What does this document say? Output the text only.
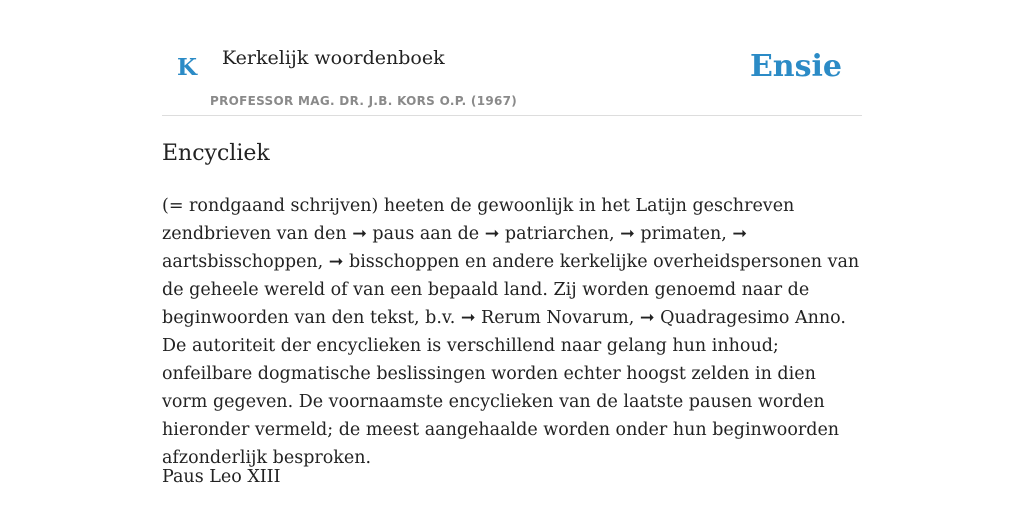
K Kerkelijk woordenboek
PROFESSOR MAG. DR. J.B. KORS O.P. (1967)
Ensie
Encycliek

(= rondgaand schrijven) heeten de gewoonlijk in het Latijn geschreven zendbrieven van den ➞ paus aan de ➞ patriarchen, ➞ primaten, ➞ aartsbisschoppen, ➞ bisschoppen en andere kerkelijke overheidspersonen van de geheele wereld of van een bepaald land. Zij worden genoemd naar de beginwoorden van den tekst, b.v. ➞ Rerum Novarum, ➞ Quadragesimo Anno. De autoriteit der encyclieken is verschillend naar gelang hun inhoud; onfeilbare dogmatische beslissingen worden echter hoogst zelden in dien vorm gegeven. De voornaamste encyclieken van de laatste pausen worden hieronder vermeld; de meest aangehaalde worden onder hun beginwoorden afzonderlijk besproken.

Paus Leo XIII
